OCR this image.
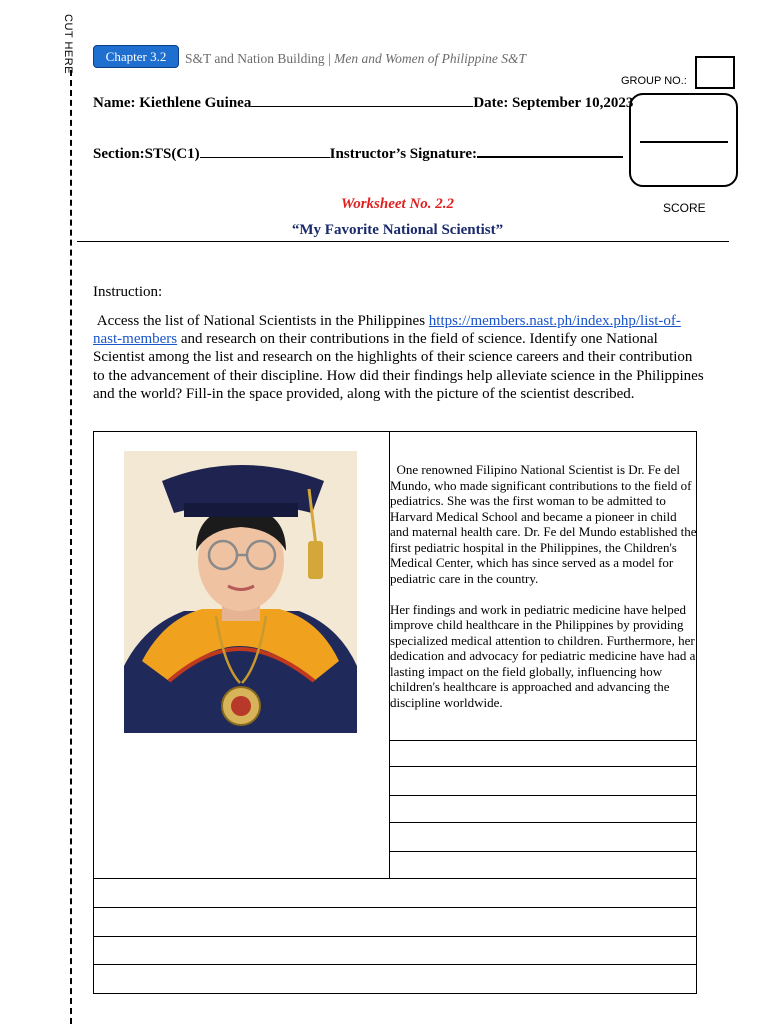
CUT HERE	Chapter 3.2	S&T and Nation Building | Men and Women of Philippine S&T
GROUP NO.:
SCORE
Name: Kiethlene Guinea	Date: September 10,2023
Section:STS(C1)	Instructor’s Signature:
Worksheet No. 2.2
“My Favorite National Scientist”
Instruction:
Access the list of National Scientists in the Philippines https://members.nast.ph/index.php/list-of-nast-members and research on their contributions in the field of science. Identify one National Scientist among the list and research on the highlights of their science careers and their contribution to the advancement of their discipline. How did their findings help alleviate science in the Philippines and the world? Fill-in the space provided, along with the picture of the scientist described.

One renowned Filipino National Scientist is Dr. Fe del Mundo, who made significant contributions to the field of pediatrics. She was the first woman to be admitted to Harvard Medical School and became a pioneer in child and maternal health care. Dr. Fe del Mundo established the first pediatric hospital in the Philippines, the Children's Medical Center, which has since served as a model for pediatric care in the country.

Her findings and work in pediatric medicine have helped improve child healthcare in the Philippines by providing specialized medical attention to children. Furthermore, her dedication and advocacy for pediatric medicine have had a lasting impact on the field globally, influencing how children's healthcare is approached and advancing the discipline worldwide.
